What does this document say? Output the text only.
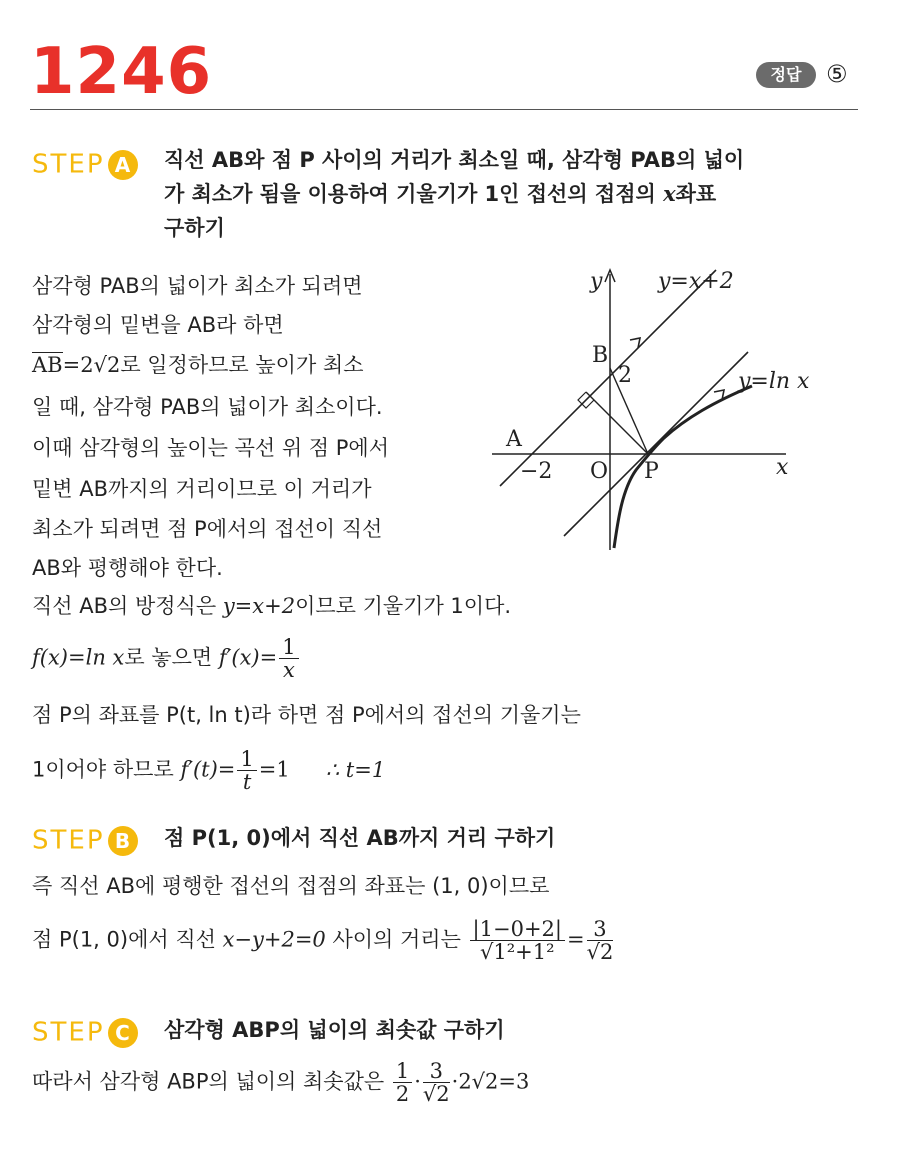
1246	정답	⑤
STEP A	직선 AB와 점 P 사이의 거리가 최소일 때, 삼각형 PAB의 넓이
가 최소가 됨을 이용하여 기울기가 1인 접선의 접점의 x좌표
구하기
삼각형 PAB의 넓이가 최소가 되려면
삼각형의 밑변을 AB라 하면
AB=2√2로 일정하므로 높이가 최소
일 때, 삼각형 PAB의 넓이가 최소이다.
이때 삼각형의 높이는 곡선 위 점 P에서
밑변 AB까지의 거리이므로 이 거리가
최소가 되려면 점 P에서의 접선이 직선
AB와 평행해야 한다.
직선 AB의 방정식은 y=x+2이므로 기울기가 1이다.
f(x)=ln x로 놓으면 $f'(x)= \frac{1}{x}$
점 P의 좌표를 P(t, ln t)라 하면 점 P에서의 접선의 기울기는
1이어야 하므로 $f'(t)= \frac{1}{t} =1$ ∴ t=1
y
x
y=x+2
y=ln x
B
2
A
−2 O P
STEP B	점 P(1, 0)에서 직선 AB까지 거리 구하기
즉 직선 AB에 평행한 접선의 접점의 좌표는 (1, 0)이므로
점 P(1, 0)에서 직선 x−y+2=0 사이의 거리는 $\frac{|1-0+2|}{\text{√1²+1²}} = \frac{3}{√2}$
STEP C	삼각형 ABP의 넓이의 최솟값 구하기
따라서 삼각형 ABP의 넓이의 최솟값은 $\frac{1}{2} \cdot \frac{3}{√2} \cdot 2√2=3$
